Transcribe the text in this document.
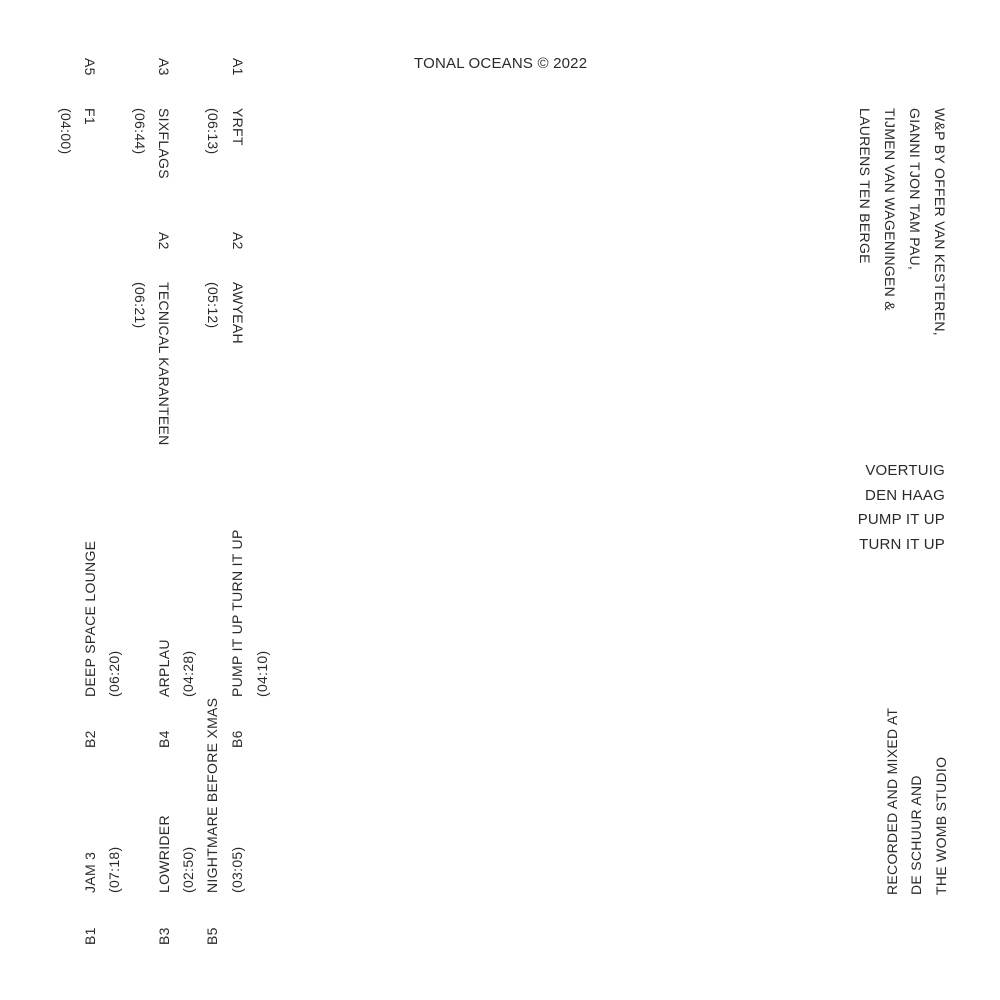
TONAL OCEANS © 2022
W&P BY OFFER VAN KESTEREN,
GIANNI TJON TAM PAU,
TIJMEN VAN WAGENINGEN &
LAURENS TEN BERGE
VOERTUIG
DEN HAAG
PUMP IT UP
TURN IT UP
RECORDED AND MIXED AT DE SCHUUR AND THE WOMB STUDIO
A1
YRFT
(06:13)
A2
AWYEAH
(05:12)
A3
SIXFLAGS
(06:44)
A2
TECNICAL KARANTEEN
(06:21)
A5
F1
(04:00)
B6
PUMP IT UP TURN IT UP (04:10)
B5
NIGHTMARE BEFORE XMAS (03:05)
B4
ARPLAU (04:28)
B3
LOWRIDER (02:50)
B2
DEEP SPACE LOUNGE (06:20)
B1
JAM 3 (07:18)
